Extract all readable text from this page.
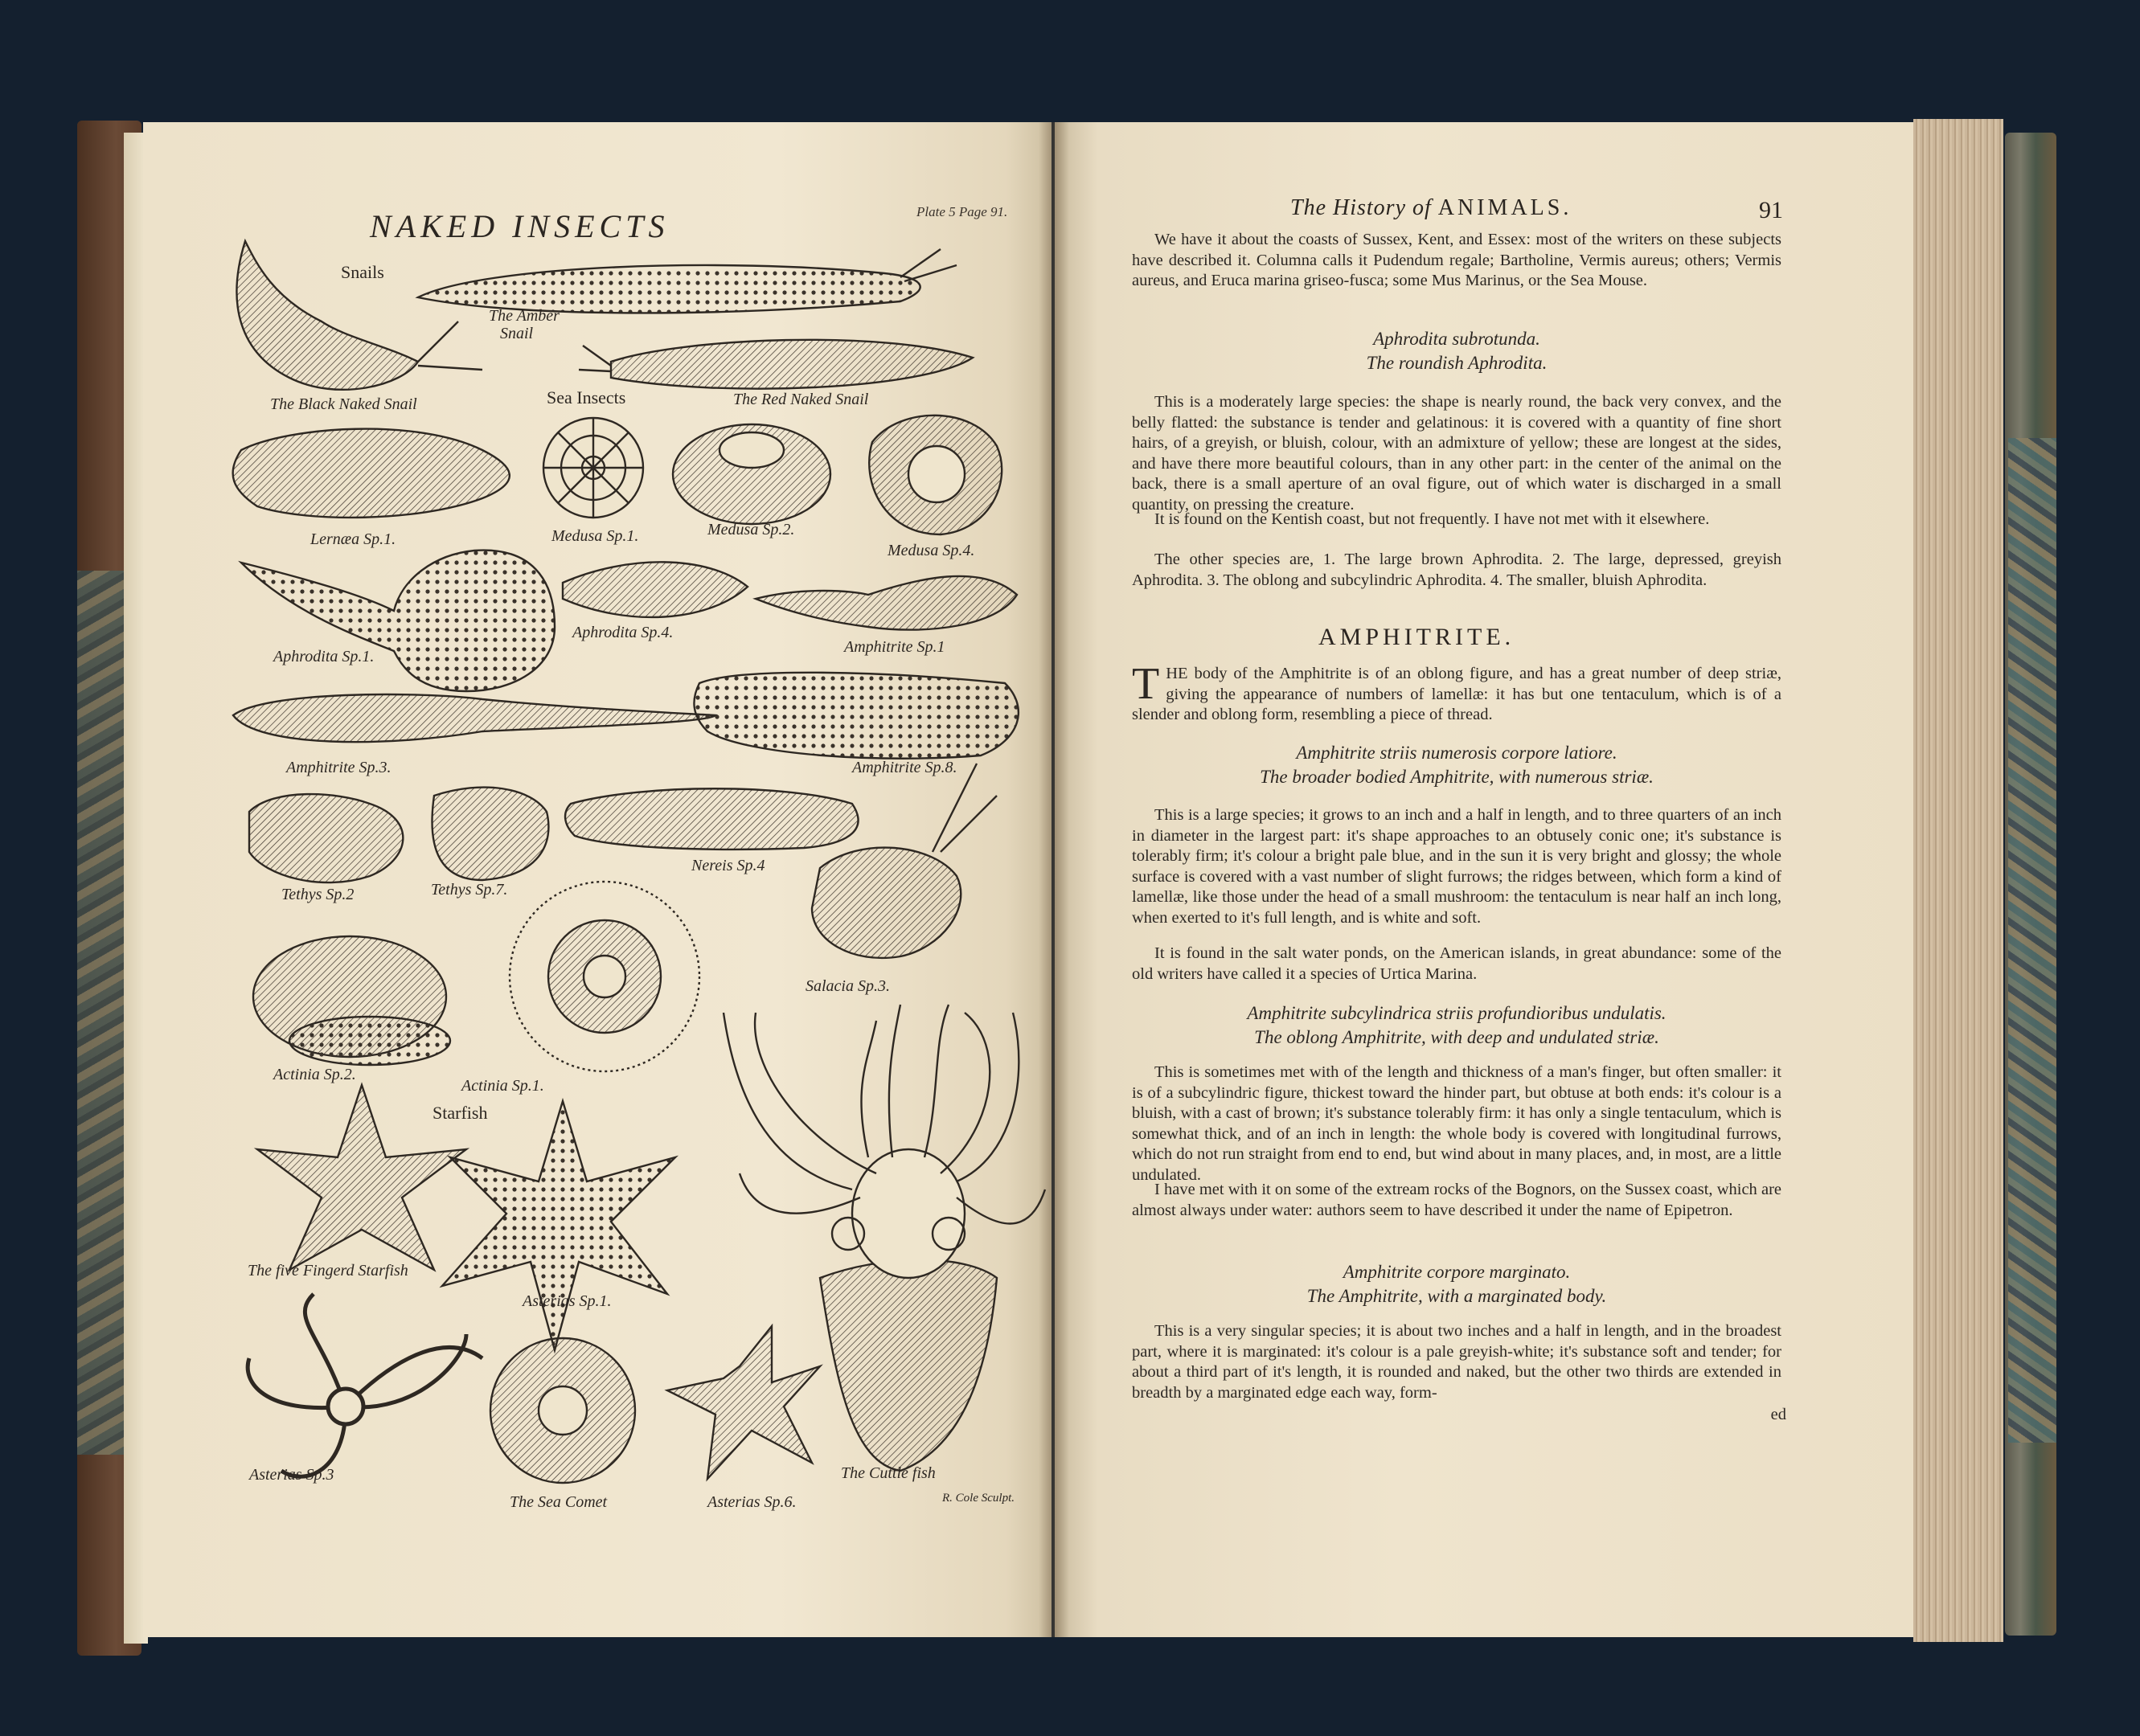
NAKED INSECTS	Plate 5 Page 91.
Snails
The Amber
Snail
The Black Naked Snail	Sea Insects	The Red Naked Snail
Lernæa Sp.1.	Medusa Sp.1.	Medusa Sp.2.
Medusa Sp.4.
Aphrodita Sp.1.
Aphrodita Sp.4.
Amphitrite Sp.1
Amphitrite Sp.3.	Amphitrite Sp.8.
Tethys Sp.2	Tethys Sp.7.
Nereis Sp.4
Salacia Sp.3.
Actinia Sp.2.
Actinia Sp.1.
Starfish
The five Fingerd Starfish
Asterias Sp.1.
Asterias Sp.3
The Sea Comet	Asterias Sp.6.
The Cuttle fish
R. Cole Sculpt.
The History of ANIMALS.	91
We have it about the coasts of Sussex, Kent, and Essex: most of the writers on these subjects have described it. Columna calls it Pudendum regale; Bartholine, Vermis aureus; others; Vermis aureus, and Eruca marina griseo-fusca; some Mus Marinus, or the Sea Mouse.
Aphrodita subrotunda.
The roundish Aphrodita.
This is a moderately large species: the shape is nearly round, the back very convex, and the belly flatted: the substance is tender and gelatinous: it is covered with a quantity of fine short hairs, of a greyish, or bluish, colour, with an admixture of yellow; these are longest at the sides, and have there more beautiful colours, than in any other part: in the center of the animal on the back, there is a small aperture of an oval figure, out of which water is discharged in a small quantity, on pressing the creature.
It is found on the Kentish coast, but not frequently. I have not met with it elsewhere.
The other species are, 1. The large brown Aphrodita. 2. The large, depressed, greyish Aphrodita. 3. The oblong and subcylindric Aphrodita. 4. The smaller, bluish Aphrodita.
AMPHITRITE.
THE body of the Amphitrite is of an oblong figure, and has a great number of deep striæ, giving the appearance of numbers of lamellæ: it has but one tentaculum, which is of a slender and oblong form, resembling a piece of thread.
Amphitrite striis numerosis corpore latiore.
The broader bodied Amphitrite, with numerous striæ.
This is a large species; it grows to an inch and a half in length, and to three quarters of an inch in diameter in the largest part: it's shape approaches to an obtusely conic one; it's substance is tolerably firm; it's colour a bright pale blue, and in the sun it is very bright and glossy; the whole surface is covered with a vast number of slight furrows; the ridges between, which form a kind of lamellæ, like those under the head of a small mushroom: the tentaculum is near half an inch long, when exerted to it's full length, and is white and soft.
It is found in the salt water ponds, on the American islands, in great abundance: some of the old writers have called it a species of Urtica Marina.
Amphitrite subcylindrica striis profundioribus undulatis.
The oblong Amphitrite, with deep and undulated striæ.
This is sometimes met with of the length and thickness of a man's finger, but often smaller: it is of a subcylindric figure, thickest toward the hinder part, but obtuse at both ends: it's colour is a bluish, with a cast of brown; it's substance tolerably firm: it has only a single tentaculum, which is somewhat thick, and of an inch in length: the whole body is covered with longitudinal furrows, which do not run straight from end to end, but wind about in many places, and, in most, are a little undulated.
I have met with it on some of the extream rocks of the Bognors, on the Sussex coast, which are almost always under water: authors seem to have described it under the name of Epipetron.
Amphitrite corpore marginato.
The Amphitrite, with a marginated body.
This is a very singular species; it is about two inches and a half in length, and in the broadest part, where it is marginated: it's colour is a pale greyish-white; it's substance soft and tender; for about a third part of it's length, it is rounded and naked, but the other two thirds are extended in breadth by a marginated edge each way, form-
ed
